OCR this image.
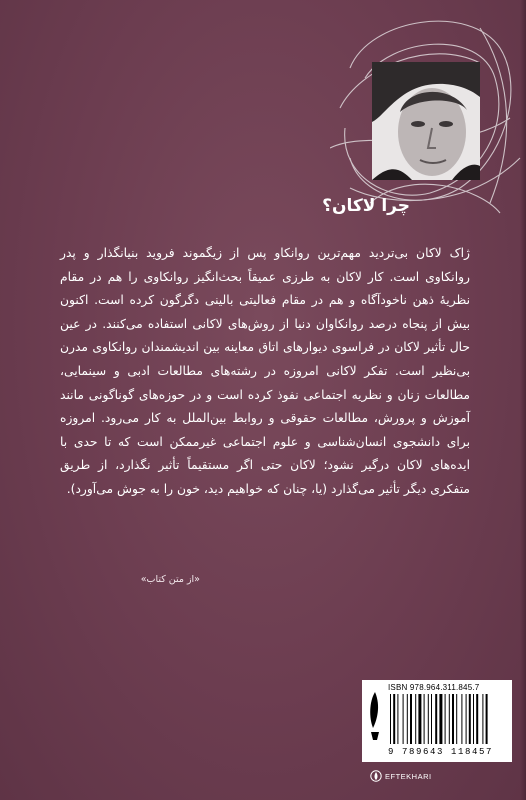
چرا لاکان؟
ژاک لاکان بی‌تردید مهم‌ترین روانکاو پس از زیگموند فروید بنیانگذار و پدر روانکاوی است. کار لاکان به طرزی عمیقاً بحث‌انگیز روانکاوی را هم در مقام نظریهٔ ذهن ناخودآگاه و هم در مقام فعالیتی بالینی دگرگون کرده است. اکنون بیش از پنجاه درصد روانکاوان دنیا از روش‌های لاکانی استفاده می‌کنند. در عین حال تأثیر لاکان در فراسوی دیوارهای اتاق معاینه بین اندیشمندان روانکاوی مدرن بی‌نظیر است. تفکر لاکانی امروزه در رشته‌های مطالعات ادبی و سینمایی، مطالعات زنان و نظریه اجتماعی نفوذ کرده است و در حوزه‌های گوناگونی مانند آموزش و پرورش، مطالعات حقوقی و روابط بین‌الملل به کار می‌رود. امروزه برای دانشجوی انسان‌شناسی و علوم اجتماعی غیرممکن است که تا حدی با ایده‌های لاکان درگیر نشود؛ لاکان حتی اگر مستقیماً تأثیر نگذارد، از طریق متفکری دیگر تأثیر می‌گذارد (یا، چنان که خواهیم دید، خون را به جوش می‌آورد).
«از متن کتاب»
ISBN 978.964.311.845.7
9 789643 118457
EFTEKHARI
